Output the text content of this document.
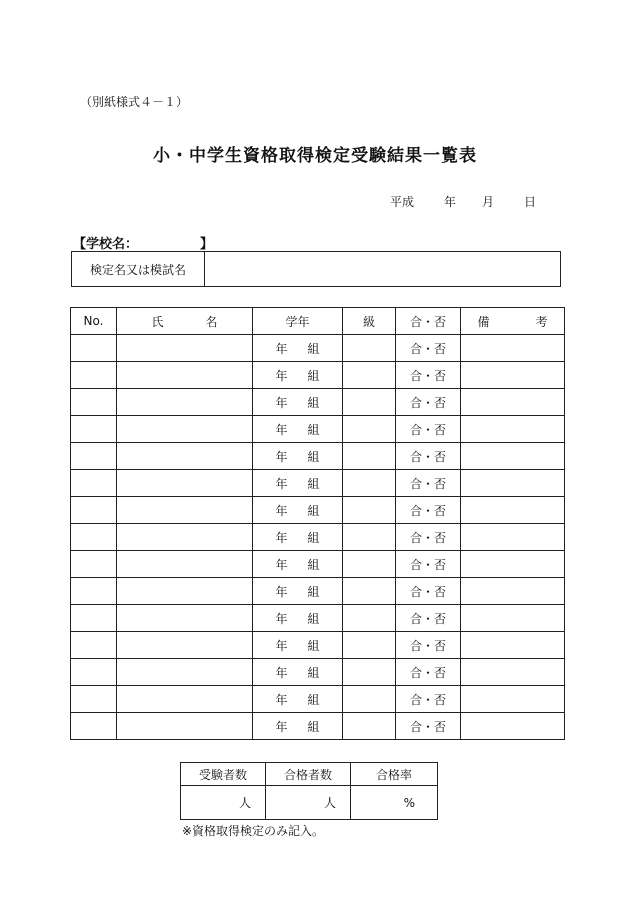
（別紙様式４－１）
小・中学生資格取得検定受験結果一覧表
平成 年 月 日
【学校名：	】
検定名又は模試名	
No.	氏 名	学年	級	合・否	備 考
		年 組		合・否	
		年 組		合・否	
		年 組		合・否	
		年 組		合・否	
		年 組		合・否	
		年 組		合・否	
		年 組		合・否	
		年 組		合・否	
		年 組		合・否	
		年 組		合・否	
		年 組		合・否	
		年 組		合・否	
		年 組		合・否	
		年 組		合・否	
		年 組		合・否	
受験者数	合格者数	合格率
人	人	%
※資格取得検定のみ記入。
